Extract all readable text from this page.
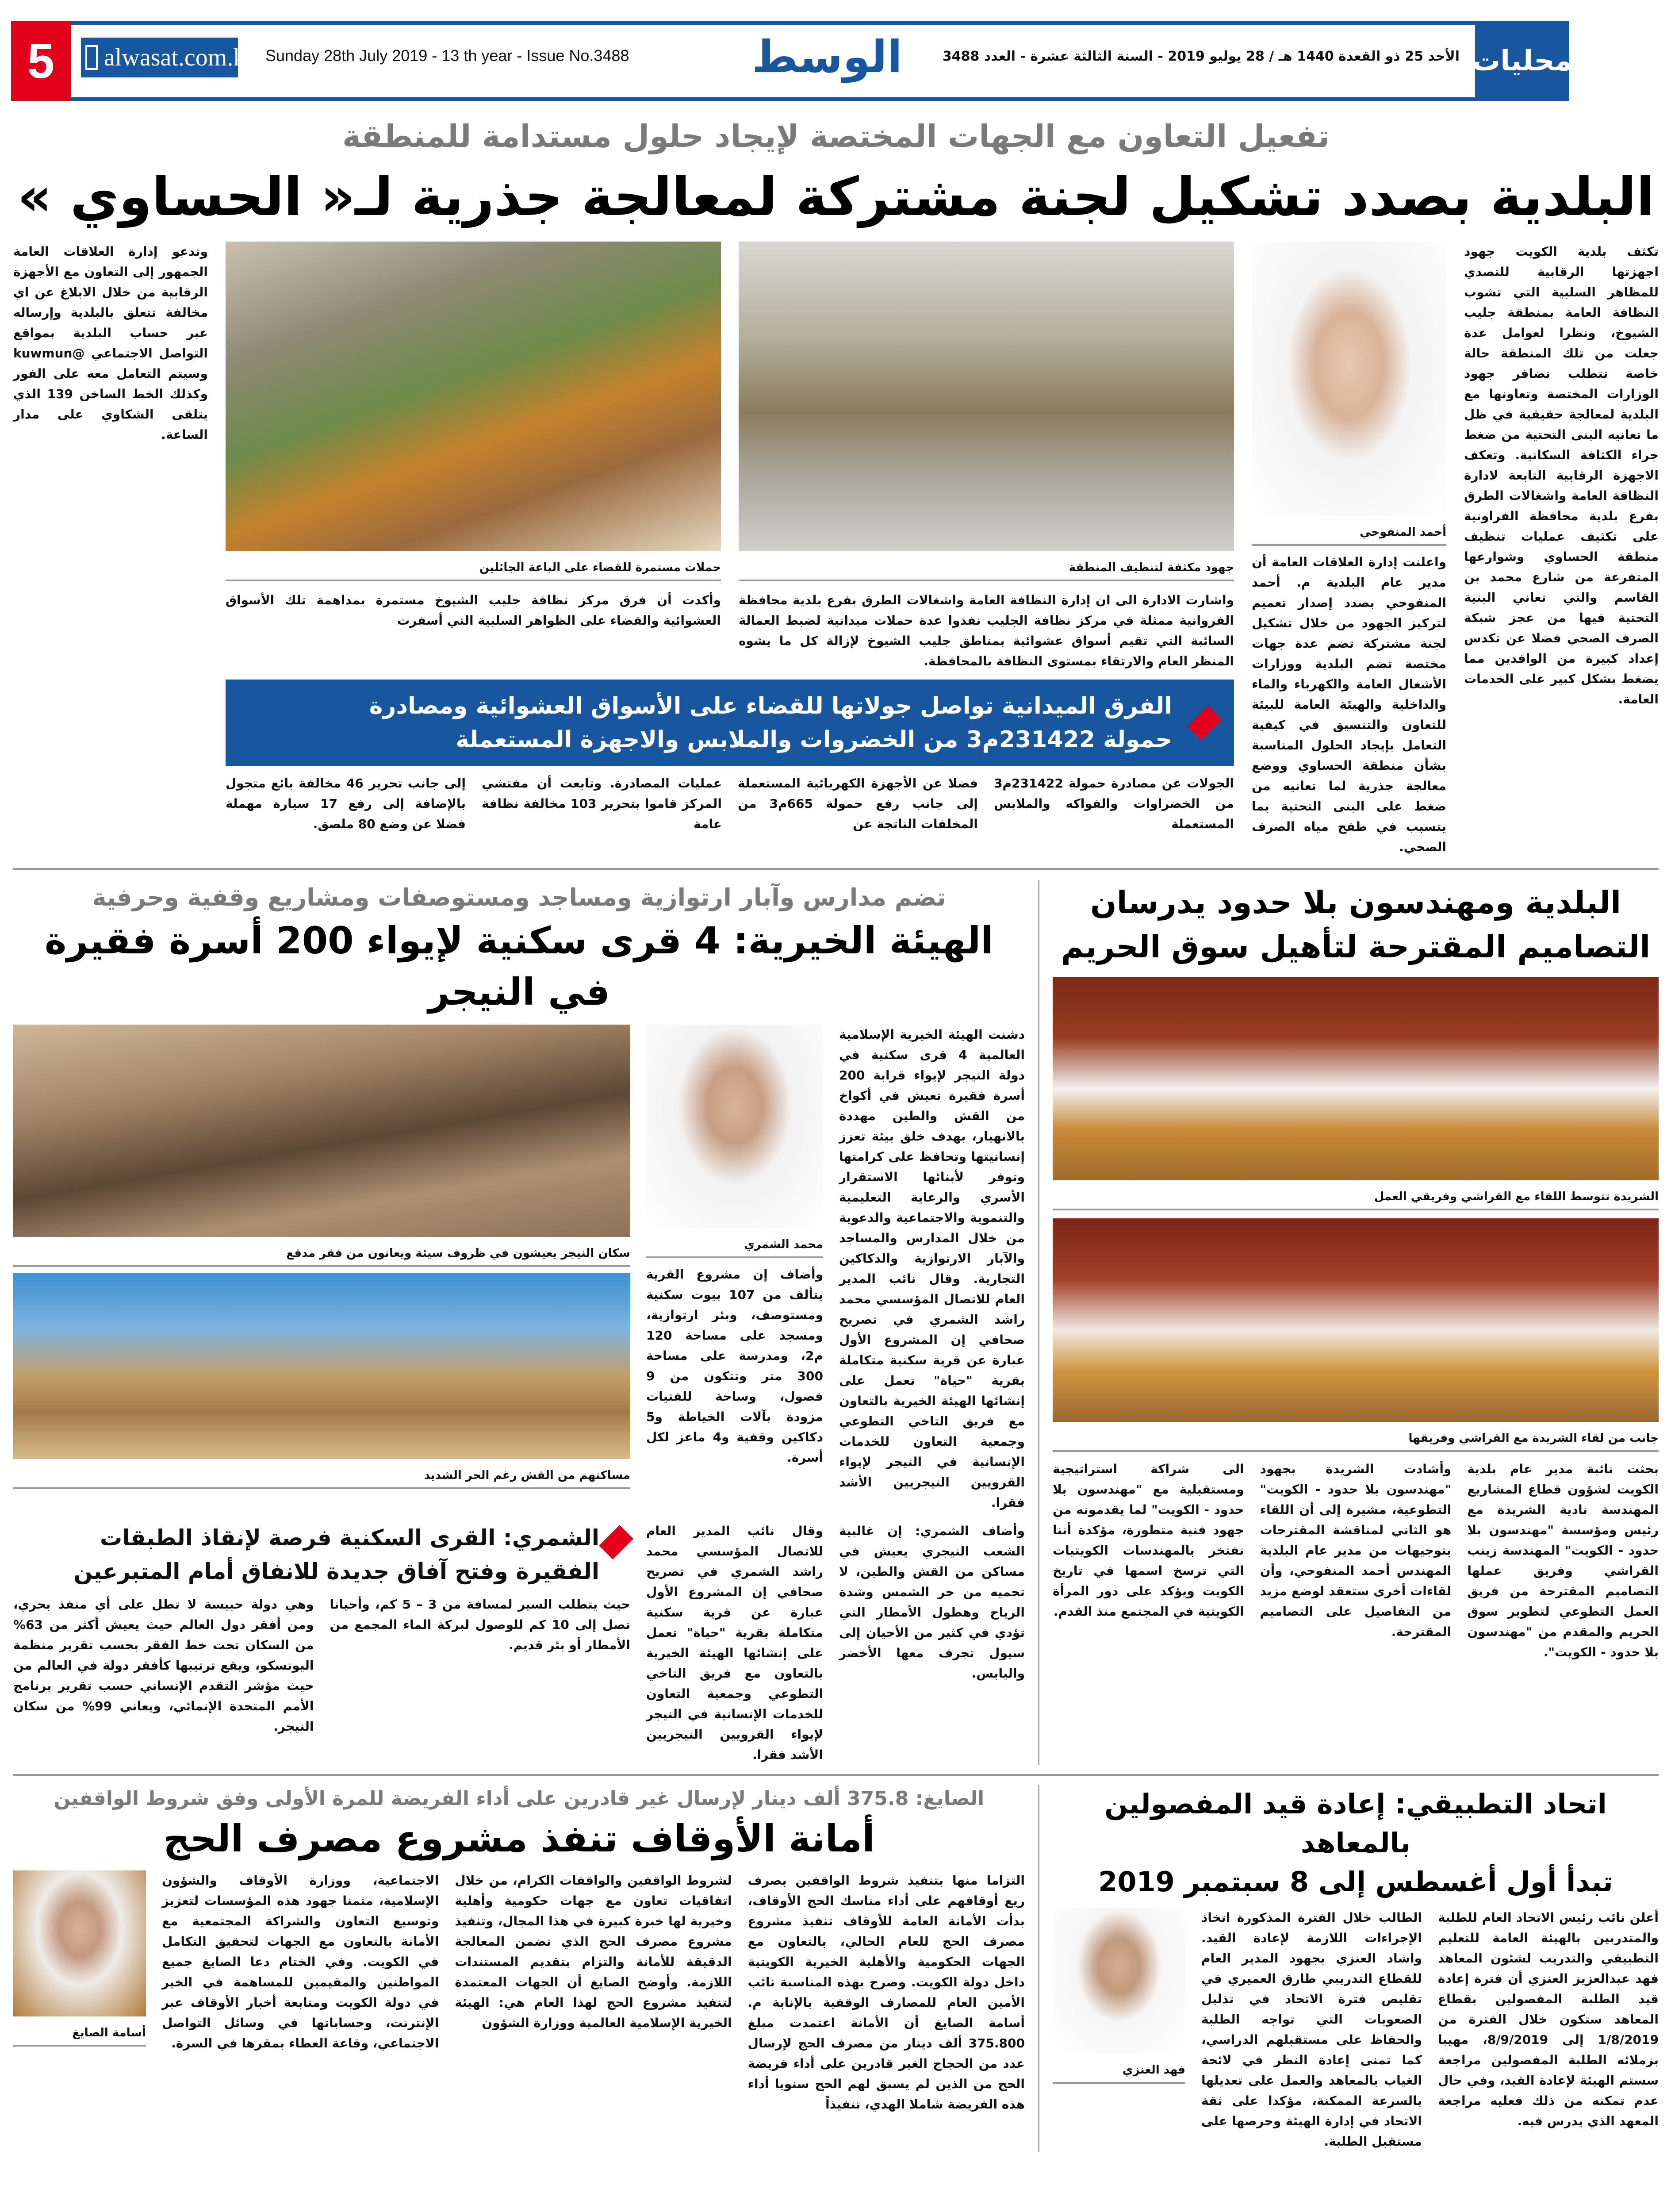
5	alwasat.com.kw Sunday 28th July 2019 - 13 th year - Issue No.3488	الوسط	الأحد 25 ذو القعدة 1440 هـ / 28 يوليو 2019 - السنة الثالثة عشرة - العدد 3488 محليات
تفعيل التعاون مع الجهات المختصة لإيجاد حلول مستدامة للمنطقة
البلدية بصدد تشكيل لجنة مشتركة لمعالجة جذرية لـ« الحساوي »
تكثف بلدية الكويت جهود اجهزتها الرقابية للتصدي للمظاهر السلبية التي تشوب النظافة العامة بمنطقة جليب الشيوخ، ونظرا لعوامل عدة جعلت من تلك المنطقة حالة خاصة تتطلب تضافر جهود الوزارات المختصة وتعاونها مع البلدية لمعالجة حقيقية في ظل ما تعانيه البنى التحتية من ضغط جراء الكثافة السكانية. وتعكف الاجهزة الرقابية التابعة لادارة النظافة العامة واشغالات الطرق بفرع بلدية محافظة الفراونية على تكثيف عمليات تنظيف منطقة الحساوي وشوارعها المتفرعة من شارع محمد بن القاسم والتي تعاني البنية التحتية فيها من عجز شبكة الصرف الصحي فضلا عن تكدس إعداد كبيرة من الوافدين مما يضغط بشكل كبير على الخدمات العامة.
أحمد المنفوحي
واعلنت إدارة العلاقات العامة أن مدير عام البلدية م. أحمد المنفوحي بصدد إصدار تعميم لتركيز الجهود من خلال تشكيل لجنة مشتركة تضم عدة جهات مختصة تضم البلدية ووزارات الأشغال العامة والكهرباء والماء والداخلية والهيئة العامة للبيئة للتعاون والتنسيق في كيفية التعامل بإيجاد الحلول المناسبة بشأن منطقة الحساوي ووضع معالجة جذرية لما تعانيه من ضغط على البنى التحتية بما يتسبب في طفح مياه الصرف الصحي.
جهود مكثفة لتنظيف المنطقة
حملات مستمرة للقضاء على الباعة الجائلين
واشارت الادارة الى ان إدارة النظافة العامة واشغالات الطرق بفرع بلدية محافظة الفروانية ممثلة في مركز نظافة الجليب نفذوا عدة حملات ميدانية لضبط العمالة السائبة التي تقيم أسواق عشوائية بمناطق جليب الشيوخ لإزالة كل ما يشوه المنظر العام والارتقاء بمستوى النظافة بالمحافظة.
وأكدت أن فرق مركز نظافة جليب الشيوخ مستمرة بمداهمة تلك الأسواق العشوائية والقضاء على الظواهر السلبية التي أسفرت
الفرق الميدانية تواصل جولاتها للقضاء على الأسواق العشوائية ومصادرة
حمولة 231422م3 من الخضروات والملابس والاجهزة المستعملة
الجولات عن مصادرة حمولة 231422م3 من الخضراوات والفواكه والملابس المستعملة
فضلا عن الأجهزة الكهربائية المستعملة إلى جانب رفع حمولة 665م3 من المخلفات الناتجة عن
عمليات المصادرة. وتابعت أن مفتشي المركز قاموا بتحرير 103 مخالفة نظافة عامة
إلى جانب تحرير 46 مخالفة بائع متجول بالإضافة إلى رفع 17 سيارة مهملة فضلا عن وضع 80 ملصق.
وتدعو إدارة العلاقات العامة الجمهور إلى التعاون مع الأجهزة الرقابية من خلال الابلاغ عن اي مخالفة تتعلق بالبلدية وإرساله عبر حساب البلدية بمواقع التواصل الاجتماعي @kuwmun وسيتم التعامل معه على الفور وكذلك الخط الساخن 139 الذي يتلقى الشكاوي على مدار الساعة.
البلدية ومهندسون بلا حدود يدرسان
التصاميم المقترحة لتأهيل سوق الحريم
الشريدة تتوسط اللقاء مع القراشي وفريقي العمل
جانب من لقاء الشريدة مع القراشي وفريقها
بحثت نائبة مدير عام بلدية الكويت لشؤون قطاع المشاريع المهندسة نادية الشريدة مع رئيس ومؤسسة "مهندسون بلا حدود - الكويت" المهندسة زينب القراشي وفريق عملها التصاميم المقترحة من فريق العمل التطوعي لتطوير سوق الحريم والمقدم من "مهندسون بلا حدود - الكويت".
وأشادت الشريدة بجهود "مهندسون بلا حدود - الكويت" التطوعية، مشيرة إلى أن اللقاء هو الثاني لمناقشة المقترحات بتوجيهات من مدير عام البلدية المهندس أحمد المنفوحي، وأن لقاءات أخرى ستعقد لوضع مزيد من التفاصيل على التصاميم المقترحة.
الى شراكة استراتيجية ومستقبلية مع "مهندسون بلا حدود - الكويت" لما يقدمونه من جهود فنية متطورة، مؤكدة أننا نفتخر بالمهندسات الكويتيات التي ترسخ اسمها في تاريخ الكويت ويؤكد على دور المرأة الكويتية في المجتمع منذ القدم.
تضم مدارس وآبار ارتوازية ومساجد ومستوصفات ومشاريع وقفية وحرفية
الهيئة الخيرية: 4 قرى سكنية لإيواء 200 أسرة فقيرة في النيجر
دشنت الهيئة الخيرية الإسلامية العالمية 4 قرى سكنية في دولة النيجر لإيواء قرابة 200 أسرة فقيرة تعيش في أكواخ من القش والطين مهددة بالانهيار، بهدف خلق بيئة تعزز إنسانيتها وتحافظ على كرامتها وتوفر لأبنائها الاستقرار الأسري والرعاية التعليمية والتنموية والاجتماعية والدعوية من خلال المدارس والمساجد والآبار الارتوازية والدكاكين التجارية. وقال نائب المدير العام للاتصال المؤسسي محمد راشد الشمري في تصريح صحافي إن المشروع الأول عبارة عن قرية سكنية متكاملة بقرية "حياة" تعمل على إنشائها الهيئة الخيرية بالتعاون مع فريق التاخي التطوعي وجمعية التعاون للخدمات الإنسانية في النيجر لإيواء القرويين النيجريين الأشد فقرا.
محمد الشمري
وأضاف إن مشروع القرية يتألف من 107 بيوت سكنية ومستوصف، وبئر ارتوازية، ومسجد على مساحة 120 م2، ومدرسة على مساحة 300 متر وتتكون من 9 فصول، وساحة للفتيات مزودة بآلات الخياطة و5 دكاكين وقفية و4 ماعز لكل أسرة.
سكان النيجر يعيشون في ظروف سيئة ويعانون من فقر مدقع
مساكنهم من القش رغم الحر الشديد
وأضاف الشمري: إن غالبية الشعب النيجري يعيش في مساكن من القش والطين، لا تحميه من حر الشمس وشدة الرياح وهطول الأمطار التي تؤدي في كثير من الأحيان إلى سيول تجرف معها الأخضر واليابس.
وقال نائب المدير العام للاتصال المؤسسي محمد راشد الشمري في تصريح صحافي إن المشروع الأول عبارة عن قرية سكنية متكاملة بقرية "حياة" تعمل على إنشائها الهيئة الخيرية بالتعاون مع فريق التاخي التطوعي وجمعية التعاون للخدمات الإنسانية في النيجر لإيواء القرويين النيجريين الأشد فقرا.
الشمري: القرى السكنية فرصة لإنقاذ الطبقات الفقيرة وفتح آفاق جديدة للانفاق أمام المتبرعين
حيث يتطلب السير لمسافة من 3 – 5 كم، وأحيانا تصل إلى 10 كم للوصول لبركة الماء المجمع من الأمطار أو بئر قديم.
وهي دولة حبيسة لا تطل على أي منفذ بحري، ومن أفقر دول العالم حيث يعيش أكثر من 63% من السكان تحت خط الفقر بحسب تقرير منظمة اليونسكو، ويقع ترتيبها كأفقر دولة في العالم من حيث مؤشر التقدم الإنساني حسب تقرير برنامج الأمم المتحدة الإنمائي، ويعاني 99% من سكان النيجر.
اتحاد التطبيقي: إعادة قيد المفصولين بالمعاهد
تبدأ أول أغسطس إلى 8 سبتمبر 2019
أعلن نائب رئيس الاتحاد العام للطلبة والمتدربين بالهيئة العامة للتعليم التطبيقي والتدريب لشئون المعاهد فهد عبدالعزيز العنزي أن فترة إعادة قيد الطلبة المفصولين بقطاع المعاهد ستكون خلال الفترة من 1/8/2019 إلى 8/9/2019، مهيبا بزملائه الطلبة المفصولين مراجعة سستم الهيئة لإعادة القيد، وفي حال عدم تمكنه من ذلك فعليه مراجعة المعهد الذي يدرس فيه.
الطالب خلال الفترة المذكورة اتخاذ الإجراءات اللازمة لإعادة القيد. واشاد العنزي بجهود المدير العام للقطاع التدريبي طارق العميري في تقليص فترة الاتحاد في تذليل الصعوبات التي تواجه الطلبة والحفاظ على مستقبلهم الدراسي، كما تمنى إعادة النظر في لائحة الغياب بالمعاهد والعمل على تعديلها بالسرعة الممكنة، مؤكدا على ثقة الاتحاد في إدارة الهيئة وحرصها على مستقبل الطلبة.
فهد العنزي
الصايغ: 375.8 ألف دينار لإرسال غير قادرين على أداء الفريضة للمرة الأولى وفق شروط الواقفين
أمانة الأوقاف تنفذ مشروع مصرف الحج
التزاما منها بتنفيذ شروط الواقفين بصرف ريع أوقافهم على أداء مناسك الحج الأوقاف، بدأت الأمانة العامة للأوقاف تنفيذ مشروع مصرف الحج للعام الحالي، بالتعاون مع الجهات الحكومية والأهلية الخيرية الكويتية داخل دولة الكويت. وصرح بهذه المناسبة نائب الأمين العام للمصارف الوقفية بالإنابة م. أسامة الصايغ أن الأمانة اعتمدت مبلغ 375.800 ألف دينار من مصرف الحج لإرسال عدد من الحجاج الغير قادرين على أداء فريضة الحج من الذين لم يسبق لهم الحج سنويا أداء هذه الفريضة شاملا الهدي، تنفيذاً
لشروط الواقفين والواقفات الكرام، من خلال اتفاقيات تعاون مع جهات حكومية وأهلية وخيرية لها خبرة كبيرة في هذا المجال، وتنفيذ مشروع مصرف الحج الذي تضمن المعالجة الدقيقة للأمانة والتزام بتقديم المستندات اللازمة. وأوضح الصايغ أن الجهات المعتمدة لتنفيذ مشروع الحج لهذا العام هي: الهيئة الخيرية الإسلامية العالمية ووزارة الشؤون
الاجتماعية، ووزارة الأوقاف والشؤون الإسلامية، مثمنا جهود هذه المؤسسات لتعزيز وتوسيع التعاون والشراكة المجتمعية مع الأمانة بالتعاون مع الجهات لتحقيق التكامل في الكويت. وفي الختام دعا الصايغ جميع المواطنين والمقيمين للمساهمة في الخير في دولة الكويت ومتابعة أخبار الأوقاف عبر الإنترنت، وحساباتها في وسائل التواصل الاجتماعي، وقاعة العطاء بمقرها في السرة.
أسامة الصايغ
